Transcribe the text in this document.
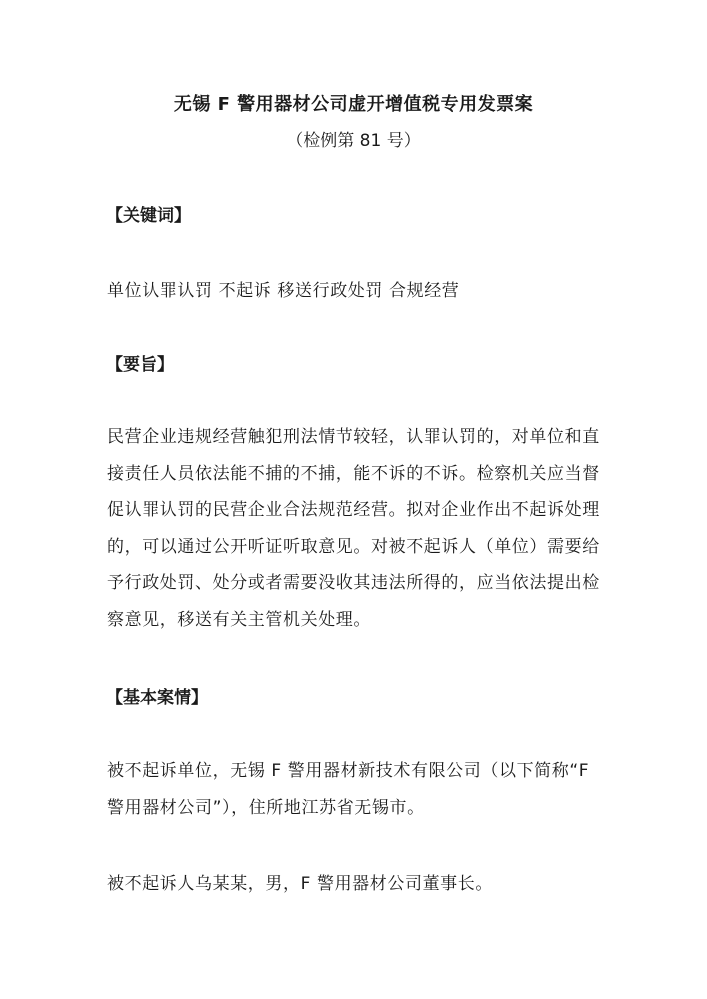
无锡 F 警用器材公司虚开增值税专用发票案
（检例第 81 号）
【关键词】
单位认罪认罚 不起诉 移送行政处罚 合规经营
【要旨】

民营企业违规经营触犯刑法情节较轻，认罪认罚的，对单位和直接责任人员依法能不捕的不捕，能不诉的不诉。检察机关应当督促认罪认罚的民营企业合法规范经营。拟对企业作出不起诉处理的，可以通过公开听证听取意见。对被不起诉人（单位）需要给予行政处罚、处分或者需要没收其违法所得的，应当依法提出检察意见，移送有关主管机关处理。

【基本案情】

被不起诉单位，无锡 F 警用器材新技术有限公司（以下简称“F 警用器材公司”），住所地江苏省无锡市。

被不起诉人乌某某，男，F 警用器材公司董事长。
